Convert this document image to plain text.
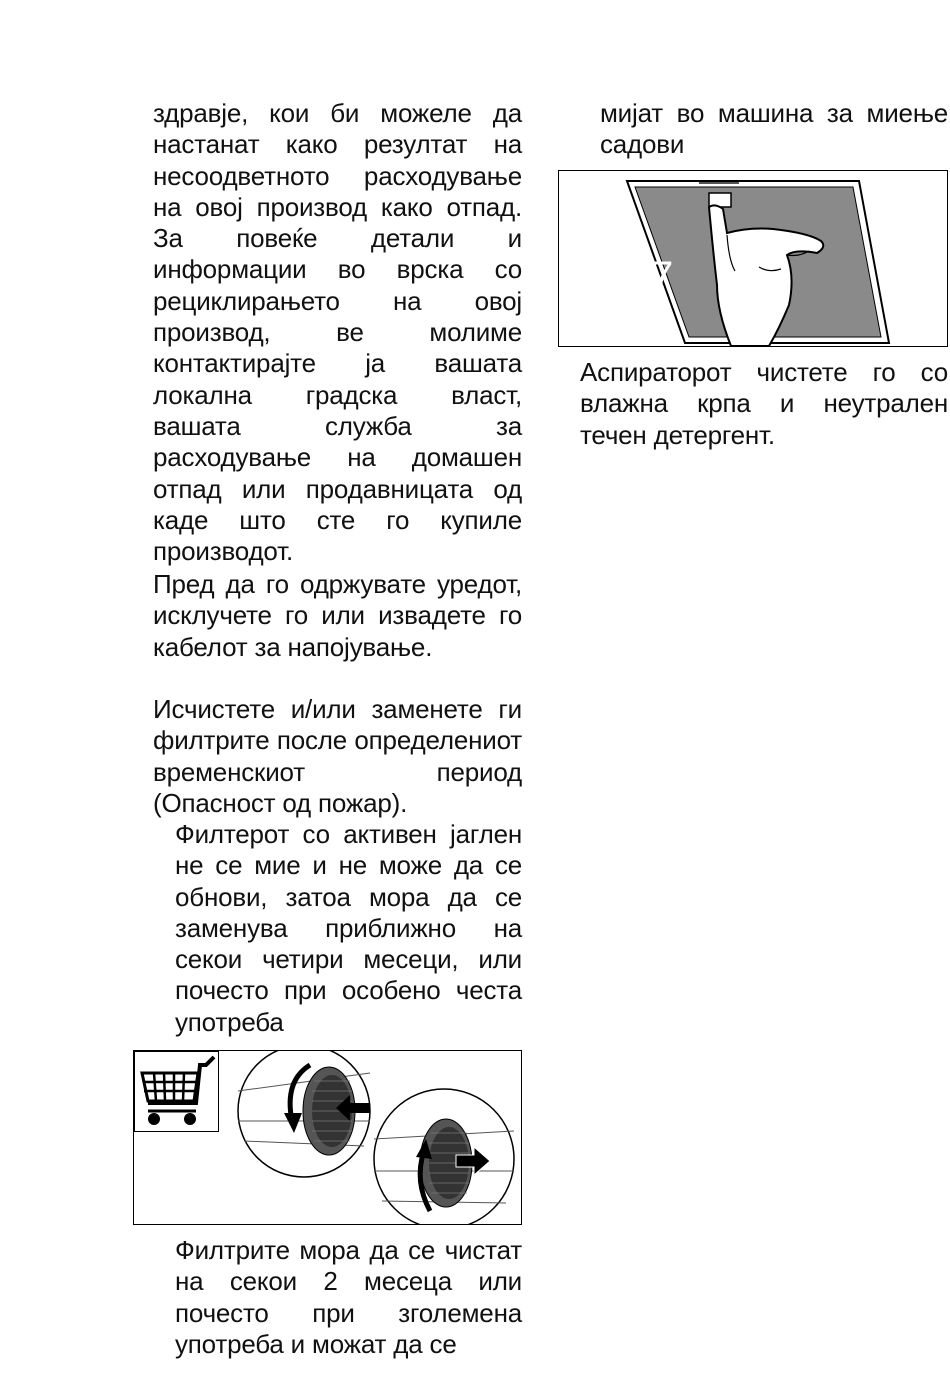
здравје, кои би можеле да настанат како резултат на несоодветното расходување на овој производ како отпад. За повеќе детали и информации во врска со рециклирањето на овој производ, ве молиме контактирајте ја вашата локална градска власт, вашата служба за расходување на домашен отпад или продавницата од каде што сте го купиле производот.
Пред да го одржувате уредот, исклучете го или извадете го кабелот за напојување.
Исчистете и/или заменете ги филтрите после определениот временскиот период (Опасност од пожар).
Филтерот со активен јаглен не се мие и не може да се обнови, затоа мора да се заменува приближно на секои четири месеци, или почесто при особено честа употреба
Филтрите мора да се чистат на секои 2 месеца или почесто при зголемена употреба и можат да се
мијат во машина за миење садови
7
Аспираторот чистете го со влажна крпа и неутрален течен детергент.
